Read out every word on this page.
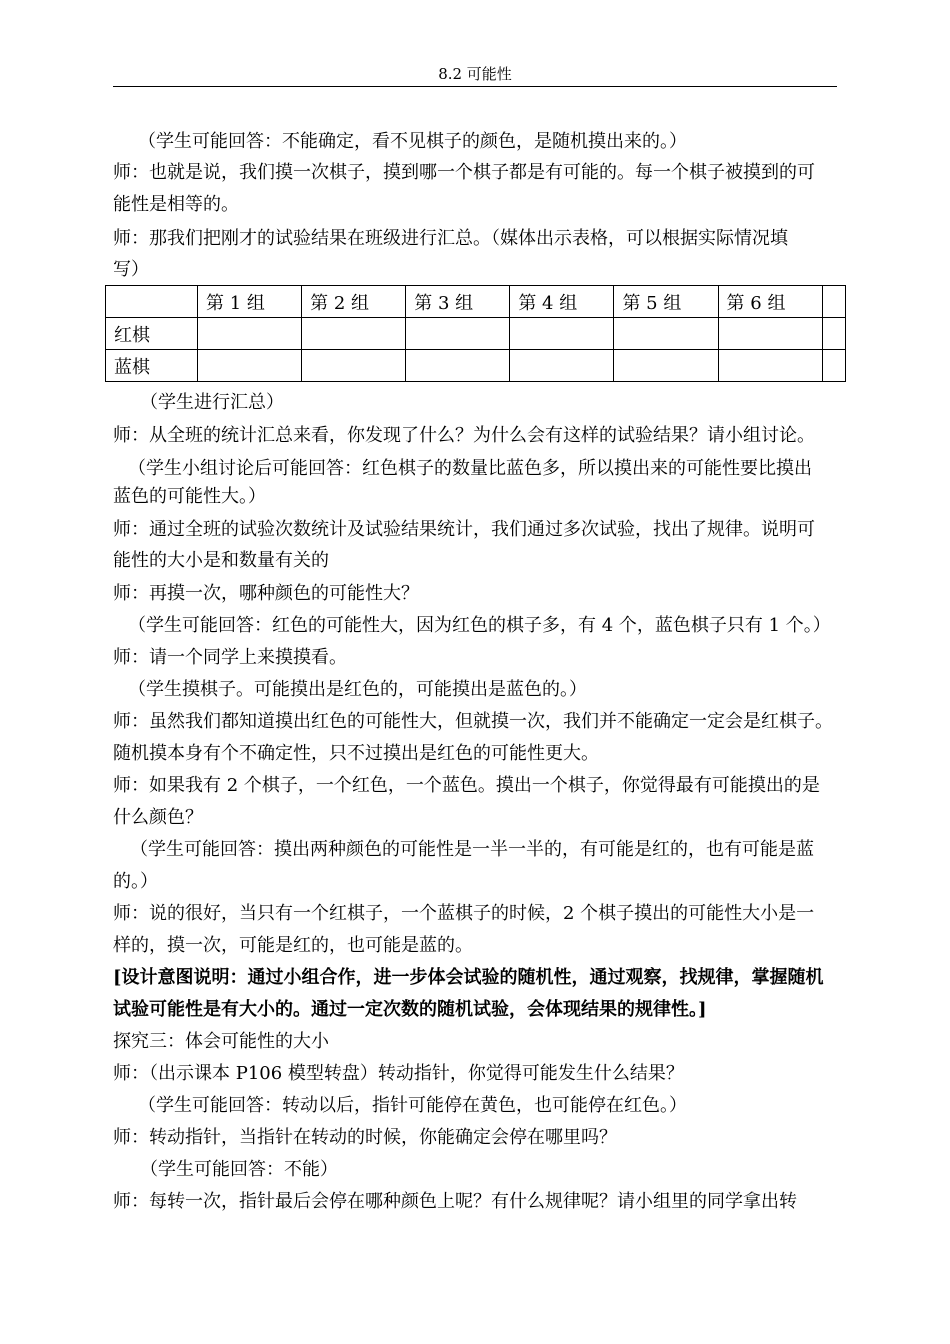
8.2 可能性
（学生可能回答：不能确定，看不见棋子的颜色，是随机摸出来的。）
师：也就是说，我们摸一次棋子，摸到哪一个棋子都是有可能的。每一个棋子被摸到的可
能性是相等的。
师：那我们把刚才的试验结果在班级进行汇总。（媒体出示表格，可以根据实际情况填
写）
	第 1 组	第 2 组	第 3 组	第 4 组	第 5 组	第 6 组	
红棋							
蓝棋							
（学生进行汇总）
师：从全班的统计汇总来看，你发现了什么？为什么会有这样的试验结果？请小组讨论。
（学生小组讨论后可能回答：红色棋子的数量比蓝色多，所以摸出来的可能性要比摸出
蓝色的可能性大。）
师：通过全班的试验次数统计及试验结果统计，我们通过多次试验，找出了规律。说明可
能性的大小是和数量有关的
师：再摸一次，哪种颜色的可能性大？
（学生可能回答：红色的可能性大，因为红色的棋子多，有 4 个，蓝色棋子只有 1 个。）
师：请一个同学上来摸摸看。
（学生摸棋子。可能摸出是红色的，可能摸出是蓝色的。）
师：虽然我们都知道摸出红色的可能性大，但就摸一次，我们并不能确定一定会是红棋子。
随机摸本身有个不确定性，只不过摸出是红色的可能性更大。
师：如果我有 2 个棋子，一个红色，一个蓝色。摸出一个棋子，你觉得最有可能摸出的是
什么颜色？
（学生可能回答：摸出两种颜色的可能性是一半一半的，有可能是红的，也有可能是蓝
的。）
师：说的很好，当只有一个红棋子，一个蓝棋子的时候，2 个棋子摸出的可能性大小是一
样的，摸一次，可能是红的，也可能是蓝的。
[设计意图说明：通过小组合作，进一步体会试验的随机性，通过观察，找规律，掌握随机
试验可能性是有大小的。通过一定次数的随机试验，会体现结果的规律性。]
探究三：体会可能性的大小
师：（出示课本 P106 模型转盘）转动指针，你觉得可能发生什么结果？
（学生可能回答：转动以后，指针可能停在黄色，也可能停在红色。）
师：转动指针，当指针在转动的时候，你能确定会停在哪里吗？
（学生可能回答：不能）
师：每转一次，指针最后会停在哪种颜色上呢？有什么规律呢？请小组里的同学拿出转
